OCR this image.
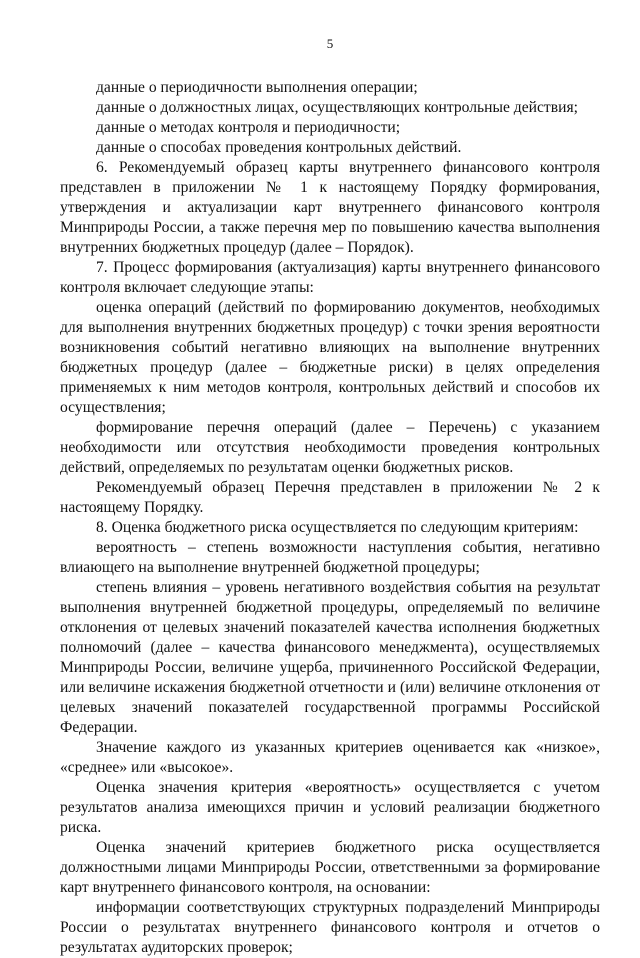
5

данные о периодичности выполнения операции;

данные о должностных лицах, осуществляющих контрольные действия;

данные о методах контроля и периодичности;

данные о способах проведения контрольных действий.

6. Рекомендуемый образец карты внутреннего финансового контроля представлен в приложении № 1 к настоящему Порядку формирования, утверждения и актуализации карт внутреннего финансового контроля Минприроды России, а также перечня мер по повышению качества выполнения внутренних бюджетных процедур (далее – Порядок).

7. Процесс формирования (актуализация) карты внутреннего финансового контроля включает следующие этапы:

оценка операций (действий по формированию документов, необходимых для выполнения внутренних бюджетных процедур) с точки зрения вероятности возникновения событий негативно влияющих на выполнение внутренних бюджетных процедур (далее – бюджетные риски) в целях определения применяемых к ним методов контроля, контрольных действий и способов их осуществления;

формирование перечня операций (далее – Перечень) с указанием необходимости или отсутствия необходимости проведения контрольных действий, определяемых по результатам оценки бюджетных рисков.

Рекомендуемый образец Перечня представлен в приложении № 2 к настоящему Порядку.

8. Оценка бюджетного риска осуществляется по следующим критериям:

вероятность – степень возможности наступления события, негативно влиающего на выполнение внутренней бюджетной процедуры;

степень влияния – уровень негативного воздействия события на результат выполнения внутренней бюджетной процедуры, определяемый по величине отклонения от целевых значений показателей качества исполнения бюджетных полномочий (далее – качества финансового менеджмента), осуществляемых Минприроды России, величине ущерба, причиненного Российской Федерации, или величине искажения бюджетной отчетности и (или) величине отклонения от целевых значений показателей государственной программы Российской Федерации.

Значение каждого из указанных критериев оценивается как «низкое», «среднее» или «высокое».

Оценка значения критерия «вероятность» осуществляется с учетом результатов анализа имеющихся причин и условий реализации бюджетного риска.

Оценка значений критериев бюджетного риска осуществляется должностными лицами Минприроды России, ответственными за формирование карт внутреннего финансового контроля, на основании:

информации соответствующих структурных подразделений Минприроды России о результатах внутреннего финансового контроля и отчетов о результатах аудиторских проверок;
